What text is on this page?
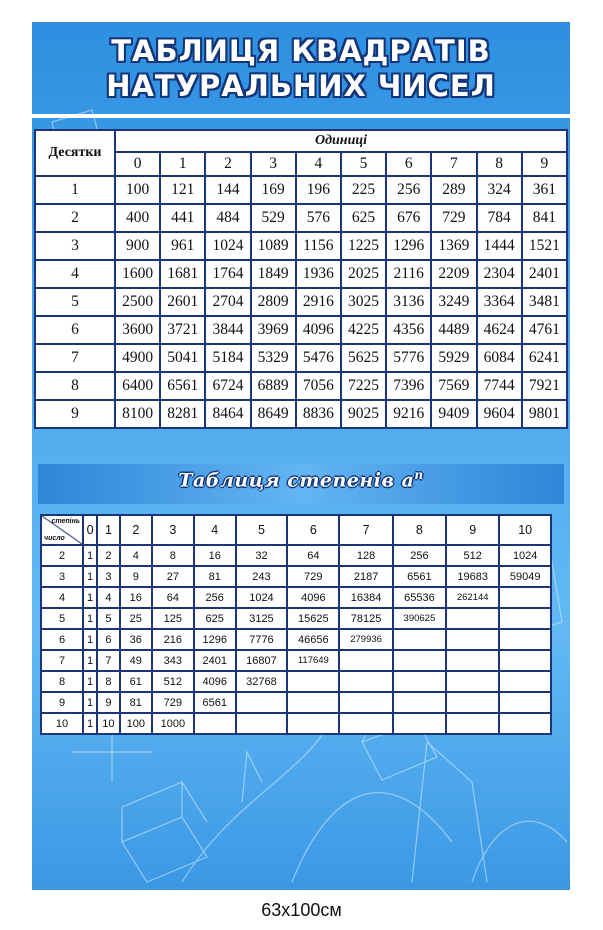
ТАБЛИЦЯ КВАДРАТІВ
НАТУРАЛЬНИХ ЧИСЕЛ
Десятки	Одиниці									
	0	1	2	3	4	5	6	7	8	9
1	100	121	144	169	196	225	256	289	324	361
2	400	441	484	529	576	625	676	729	784	841
3	900	961	1024	1089	1156	1225	1296	1369	1444	1521
4	1600	1681	1764	1849	1936	2025	2116	2209	2304	2401
5	2500	2601	2704	2809	2916	3025	3136	3249	3364	3481
6	3600	3721	3844	3969	4096	4225	4356	4489	4624	4761
7	4900	5041	5184	5329	5476	5625	5776	5929	6084	6241
8	6400	6561	6724	6889	7056	7225	7396	7569	7744	7921
9	8100	8281	8464	8649	8836	9025	9216	9409	9604	9801
Таблиця степенів $a^n$
степінь
число	0	1	2	3	4	5	6	7	8	9	10
2	1	2	4	8	16	32	64	128	256	512	1024
3	1	3	9	27	81	243	729	2187	6561	19683	59049
4	1	4	16	64	256	1024	4096	16384	65536	262144	
5	1	5	25	125	625	3125	15625	78125	390625		
6	1	6	36	216	1296	7776	46656	279936			
7	1	7	49	343	2401	16807	117649				
8	1	8	61	512	4096	32768					
9	1	9	81	729	6561						
10	1	10	100	1000							
63х100см
